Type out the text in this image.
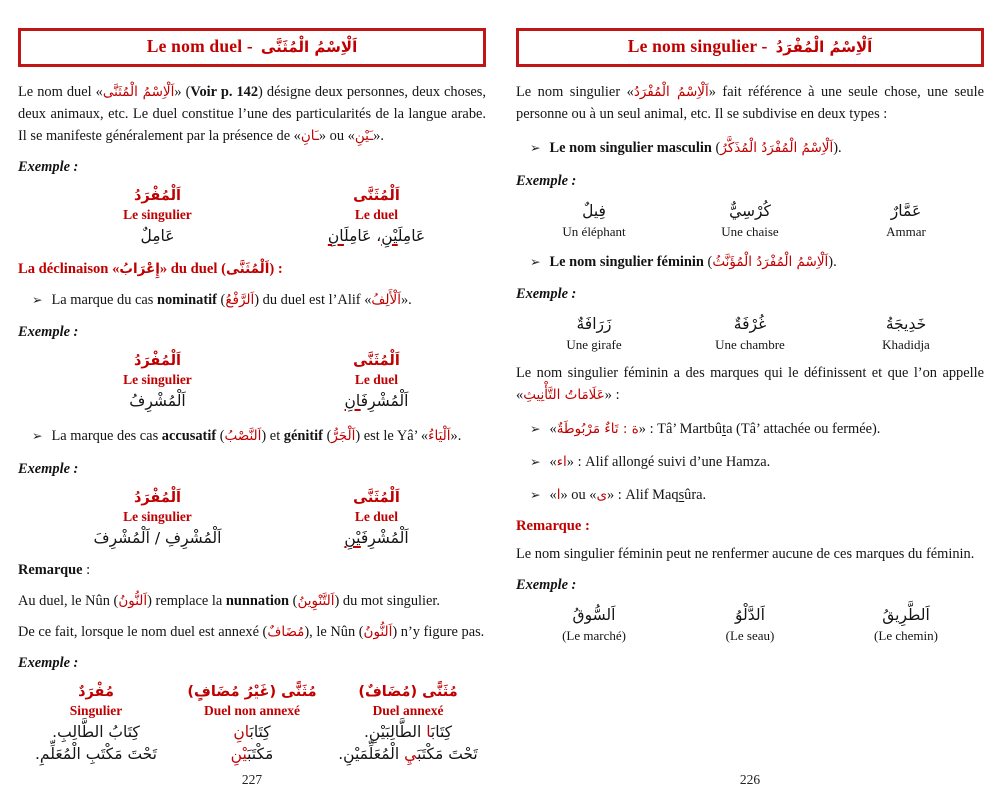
Le nom duel - اَلْاِسْمُ الْمُثَنَّى

Le nom duel «اَلْاِسْمُ الْمُثَنَّى» (Voir p. 142) désigne deux personnes, deux choses, deux animaux, etc. Le duel constitue l’une des particularités de la langue arabe. Il se manifeste généralement par la présence de «ـَانِ» ou «ـَيْنِ».

Exemple :

اَلْمُفْرَدُ
Le singulier
عَامِلٌ
اَلْمُثَنَّى
Le duel
عَامِلَ‍‍يْنِ، عَامِلَ‍‍انِ

La déclinaison «إِعْرَابُ» du duel (اَلْمُثَنَّى) :

➢ La marque du cas nominatif (اَلرَّفْعُ) du duel est l’Alif «اَلْأَلِفُ».

Exemple :

اَلْمُفْرَدُ
Le singulier
اَلْمُشْرِفُ
اَلْمُثَنَّى
Le duel
اَلْمُشْرِفَ‍‍انِ
➢ La marque des cas accusatif (اَلنَّصْبُ) et génitif (اَلْجَرُّ) est le Yâ’ «اَلْيَاءُ».

Exemple :

اَلْمُفْرَدُ
Le singulier
اَلْمُشْرِفِ / اَلْمُشْرِفَ
اَلْمُثَنَّى
Le duel
اَلْمُشْرِفَ‍‍يْنِ

Remarque :

Au duel, le Nûn (اَلنُّونُ) remplace la nunnation (اَلتَّنْوِينُ) du mot singulier.

De ce fait, lorsque le nom duel est annexé (مُضَافٌ), le Nûn (اَلنُّونُ) n’y figure pas.

Exemple :

مُفْرَدٌ
Singulier
كِتَابُ الطَّالِبِ.
تَحْتَ مَكْتَبِ الْمُعَلِّمِ.
مُثَنًّى (غَيْرُ مُضَافٍ)
Duel non annexé
كِتَابَ‍‍انِ
مَكْتَبَ‍‍يْنِ
مُثَنًّى (مُضَافٌ)
Duel annexé
كِتَابَ‍‍ا الطَّالِبَيْنِ.
تَحْتَ مَكْتَبَ‍‍يِ الْمُعَلِّمَيْنِ.
227
Le nom singulier - اَلْاِسْمُ الْمُفْرَدُ

Le nom singulier «اَلْاِسْمُ الْمُفْرَدُ» fait référence à une seule chose, une seule personne ou à un seul animal, etc. Il se subdivise en deux types :

➢ Le nom singulier masculin (اَلْاِسْمُ الْمُفْرَدُ الْمُذَكَّرُ).

Exemple :

فِيلٌ
Un éléphant
كُرْسِيٌّ
Une chaise
عَمَّارٌ
Ammar
➢ Le nom singulier féminin (اَلْاِسْمُ الْمُفْرَدُ الْمُؤَنَّثُ).

Exemple :

زَرَافَةٌ
Une girafe
غُرْفَةٌ
Une chambre
خَدِيجَةُ
Khadidja

Le nom singulier féminin a des marques qui le définissent et que l’on appelle «عَلَامَاتُ التَّأْنِيثِ» :

➢ «ة : تَاءٌ مَرْبُوطَةٌ» : Tâ’ Martbûta (Tâ’ attachée ou fermée).
➢ «اء» : Alif allongé suivi d’une Hamza.
➢ «ا» ou «ى» : Alif Maqsûra.

Remarque :

Le nom singulier féminin peut ne renfermer aucune de ces marques du féminin.

Exemple :

اَلسُّوقُ
(Le marché)
اَلدَّلْوُ
(Le seau)
اَلطَّرِيقُ
(Le chemin)
226
